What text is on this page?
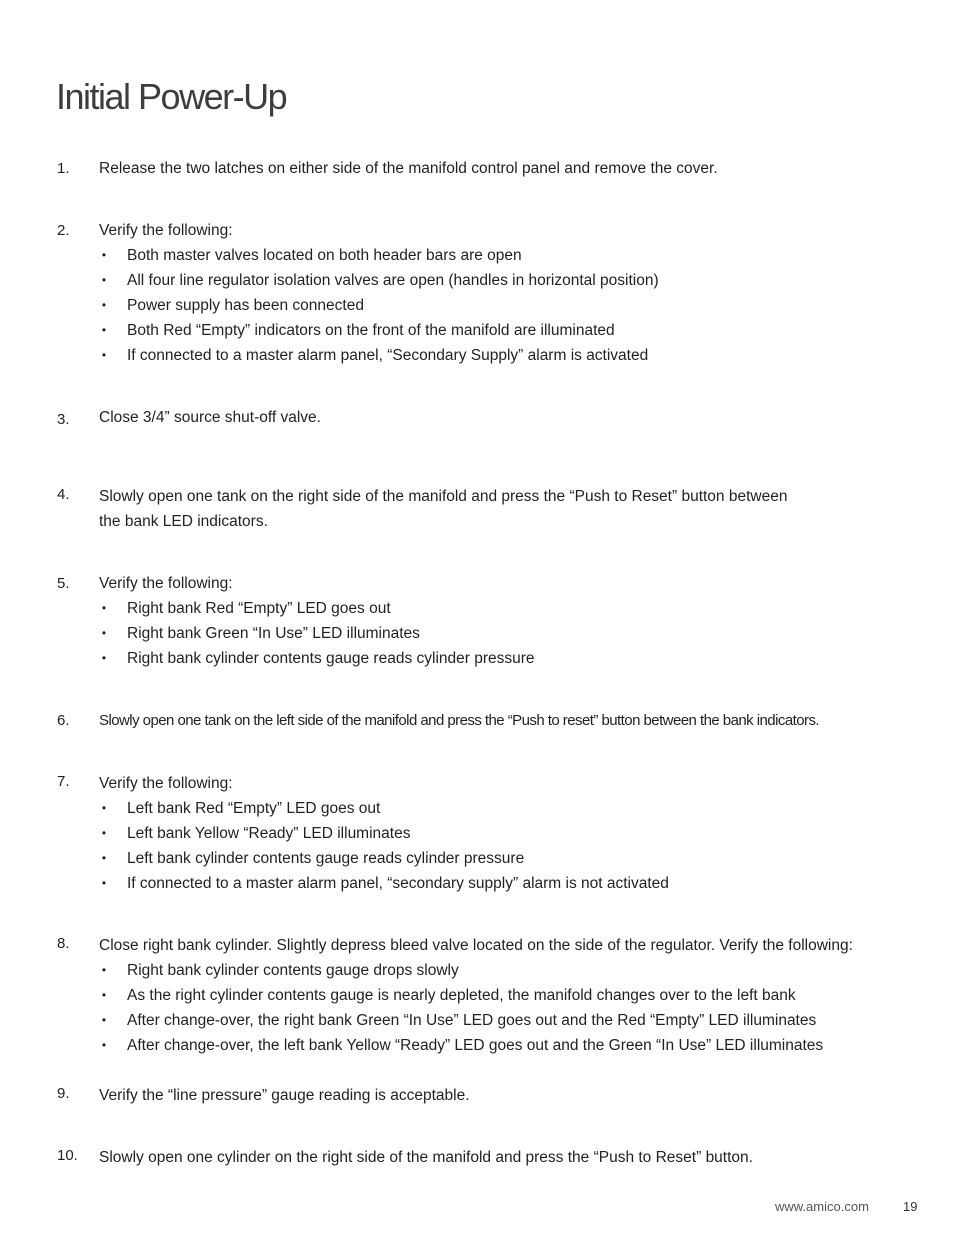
Initial Power-Up
1. Release the two latches on either side of the manifold control panel and remove the cover.
2. Verify the following:
• Both master valves located on both header bars are open
• All four line regulator isolation valves are open (handles in horizontal position)
• Power supply has been connected
• Both Red “Empty” indicators on the front of the manifold are illuminated
• If connected to a master alarm panel, “Secondary Supply” alarm is activated
3. Close 3/4” source shut-off valve.
4. Slowly open one tank on the right side of the manifold and press the “Push to Reset” button between
the bank LED indicators.
5. Verify the following:
• Right bank Red “Empty” LED goes out
• Right bank Green “In Use” LED illuminates
• Right bank cylinder contents gauge reads cylinder pressure
6. Slowly open one tank on the left side of the manifold and press the “Push to reset” button between the bank indicators.
7. Verify the following:
• Left bank Red “Empty” LED goes out
• Left bank Yellow “Ready” LED illuminates
• Left bank cylinder contents gauge reads cylinder pressure
• If connected to a master alarm panel, “secondary supply” alarm is not activated
8. Close right bank cylinder. Slightly depress bleed valve located on the side of the regulator. Verify the following:
• Right bank cylinder contents gauge drops slowly
• As the right cylinder contents gauge is nearly depleted, the manifold changes over to the left bank
• After change-over, the right bank Green “In Use” LED goes out and the Red “Empty” LED illuminates
• After change-over, the left bank Yellow “Ready” LED goes out and the Green “In Use” LED illuminates
9. Verify the “line pressure” gauge reading is acceptable.
10. Slowly open one cylinder on the right side of the manifold and press the “Push to Reset” button.
www.amico.com	19
